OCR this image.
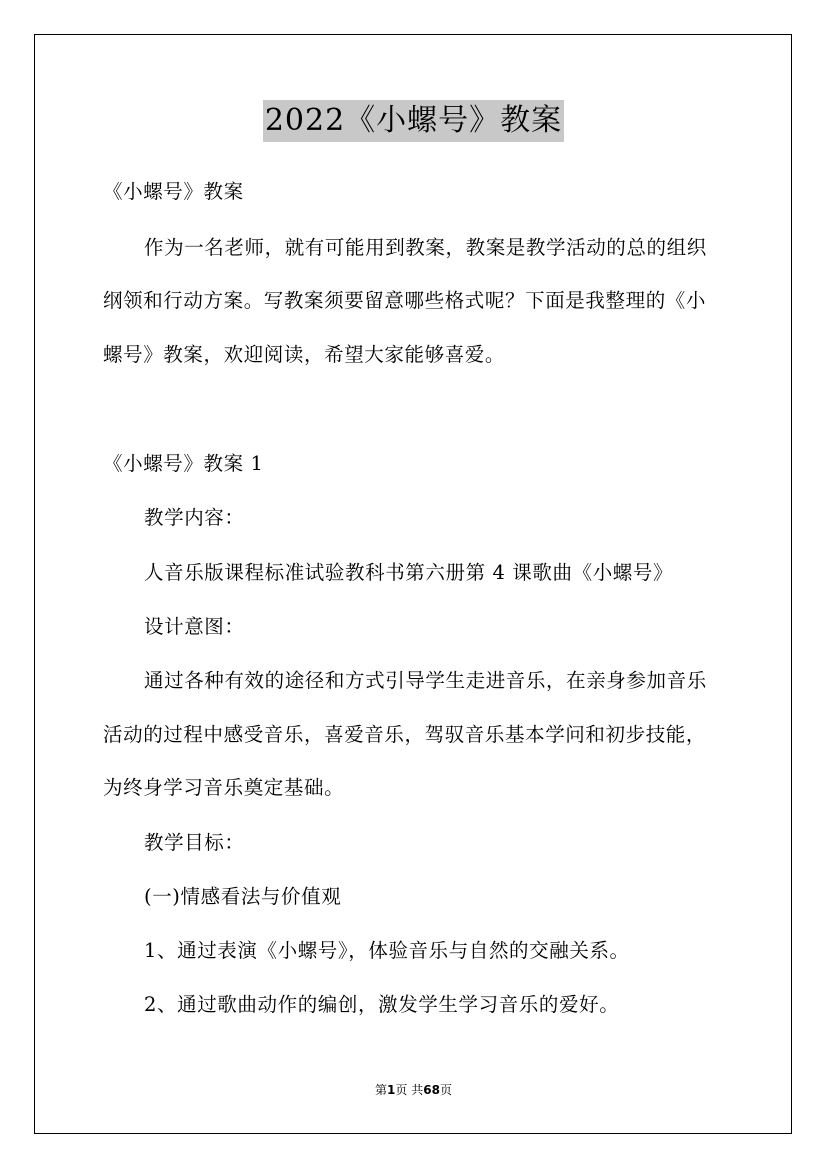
2022《小螺号》教案
《小螺号》教案
作为一名老师，就有可能用到教案，教案是教学活动的总的组织
纲领和行动方案。写教案须要留意哪些格式呢？下面是我整理的《小
螺号》教案，欢迎阅读，希望大家能够喜爱。
《小螺号》教案 1
教学内容：
人音乐版课程标准试验教科书第六册第 4 课歌曲《小螺号》
设计意图：
通过各种有效的途径和方式引导学生走进音乐，在亲身参加音乐
活动的过程中感受音乐，喜爱音乐，驾驭音乐基本学问和初步技能，
为终身学习音乐奠定基础。
教学目标：
(一)情感看法与价值观
1、通过表演《小螺号》，体验音乐与自然的交融关系。
2、通过歌曲动作的编创，激发学生学习音乐的爱好。
第1页 共68页
